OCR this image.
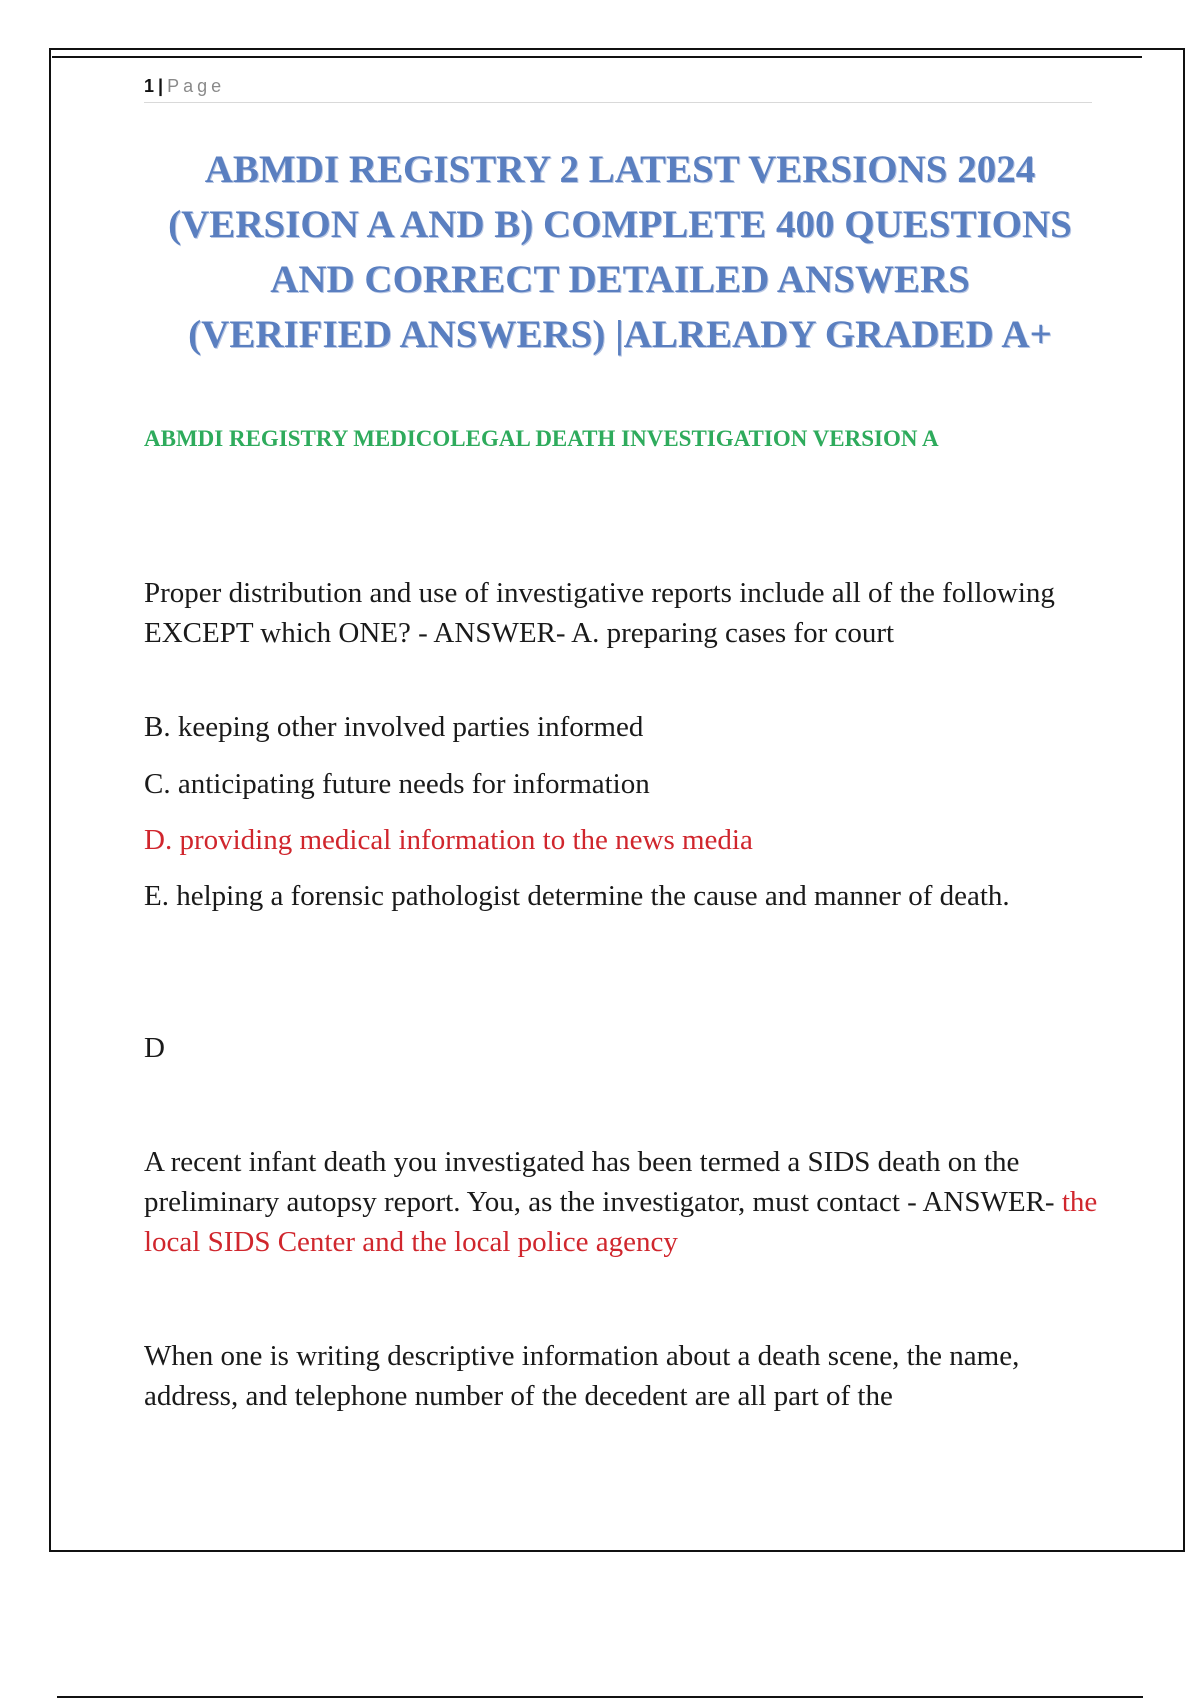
1 | Page
ABMDI REGISTRY 2 LATEST VERSIONS 2024
(VERSION A AND B) COMPLETE 400 QUESTIONS
AND CORRECT DETAILED ANSWERS
(VERIFIED ANSWERS) |ALREADY GRADED A+
ABMDI REGISTRY MEDICOLEGAL DEATH INVESTIGATION VERSION A

Proper distribution and use of investigative reports include all of the following EXCEPT which ONE? - ANSWER- A. preparing cases for court

B. keeping other involved parties informed

C. anticipating future needs for information

D. providing medical information to the news media

E. helping a forensic pathologist determine the cause and manner of death.

D

A recent infant death you investigated has been termed a SIDS death on the preliminary autopsy report. You, as the investigator, must contact - ANSWER- the local SIDS Center and the local police agency

When one is writing descriptive information about a death scene, the name, address, and telephone number of the decedent are all part of the
